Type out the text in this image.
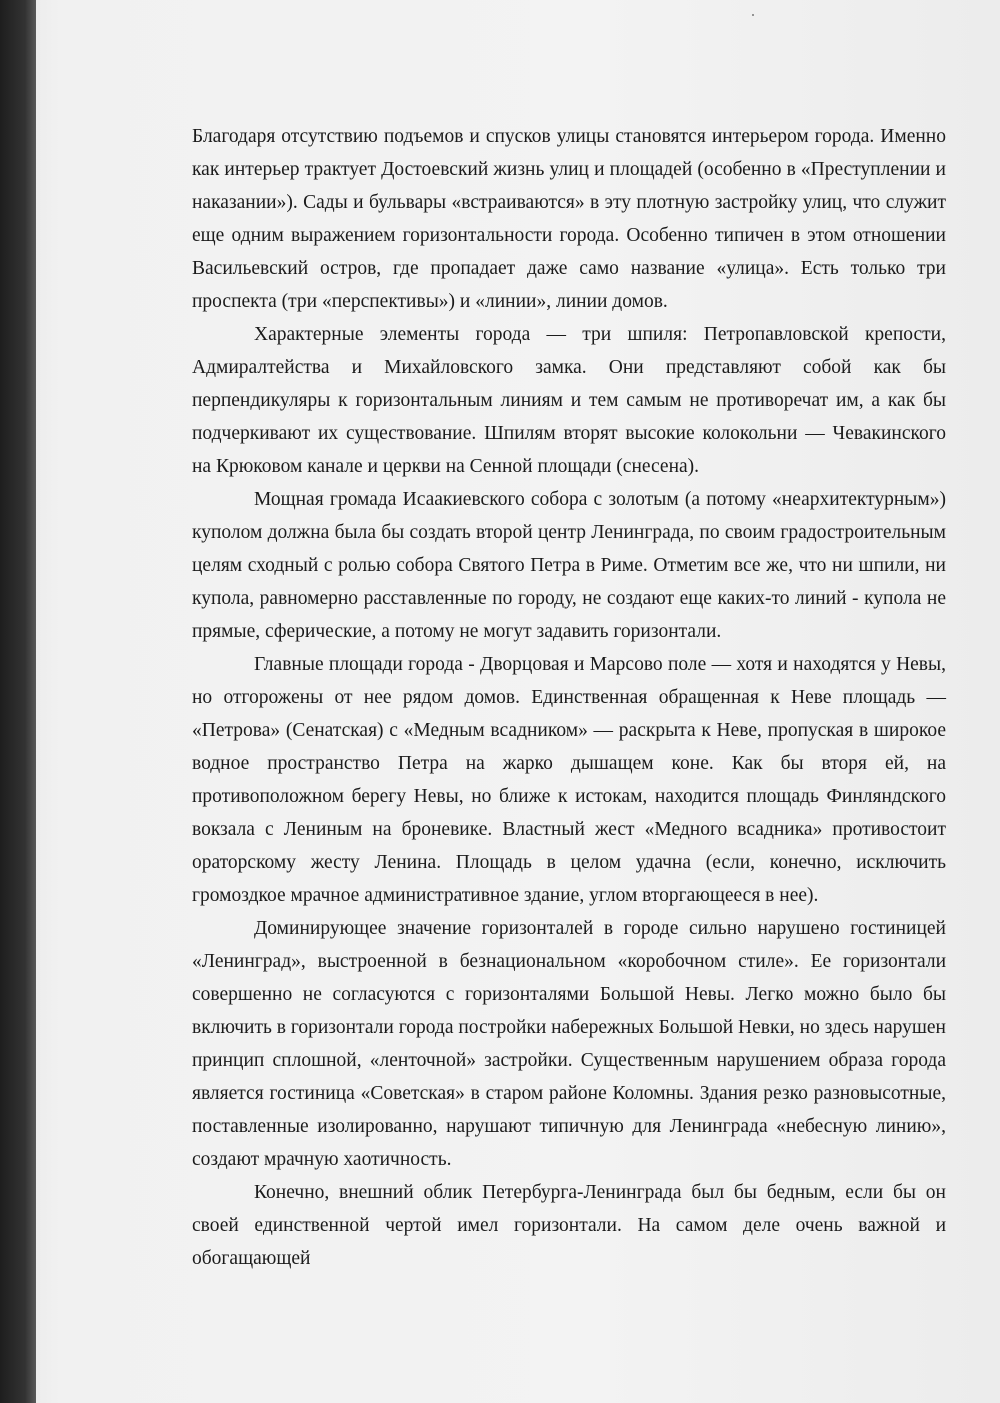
Благодаря отсутствию подъемов и спусков улицы становятся интерьером города. Именно как интерьер трактует Достоевский жизнь улиц и площадей (особенно в «Преступлении и наказании»). Сады и бульвары «встраиваются» в эту плотную застройку улиц, что служит еще одним выражением горизонтальности города. Особенно типичен в этом отношении Васильевский остров, где пропадает даже само название «улица». Есть только три проспекта (три «перспективы») и «линии», линии домов.

Характерные элементы города — три шпиля: Петропавловской крепости, Адмиралтейства и Михайловского замка. Они представляют собой как бы перпендикуляры к горизонтальным линиям и тем самым не противоречат им, а как бы подчеркивают их существование. Шпилям вторят высокие колокольни — Чевакинского на Крюковом канале и церкви на Сенной площади (снесена).

Мощная громада Исаакиевского собора с золотым (а потому «неархитектурным») куполом должна была бы создать второй центр Ленинграда, по своим градостроительным целям сходный с ролью собора Святого Петра в Риме. Отметим все же, что ни шпили, ни купола, равномерно расставленные по городу, не создают еще каких-то линий - купола не прямые, сферические, а потому не могут задавить горизонтали.

Главные площади города - Дворцовая и Марсово поле — хотя и находятся у Невы, но отгорожены от нее рядом домов. Единственная обращенная к Неве площадь — «Петрова» (Сенатская) с «Медным всадником» — раскрыта к Неве, пропуская в широкое водное пространство Петра на жарко дышащем коне. Как бы вторя ей, на противоположном берегу Невы, но ближе к истокам, находится площадь Финляндского вокзала с Лениным на броневике. Властный жест «Медного всадника» противостоит ораторскому жесту Ленина. Площадь в целом удачна (если, конечно, исключить громоздкое мрачное административное здание, углом вторгающееся в нее).

Доминирующее значение горизонталей в городе сильно нарушено гостиницей «Ленинград», выстроенной в безнациональном «коробочном стиле». Ее горизонтали совершенно не согласуются с горизонталями Большой Невы. Легко можно было бы включить в горизонтали города постройки набережных Большой Невки, но здесь нарушен принцип сплошной, «ленточной» застройки. Существенным нарушением образа города является гостиница «Советская» в старом районе Коломны. Здания резко разновысотные, поставленные изолированно, нарушают типичную для Ленинграда «небесную линию», создают мрачную хаотичность.

Конечно, внешний облик Петербурга-Ленинграда был бы бедным, если бы он своей единственной чертой имел горизонтали. На самом деле очень важной и обогащающей
